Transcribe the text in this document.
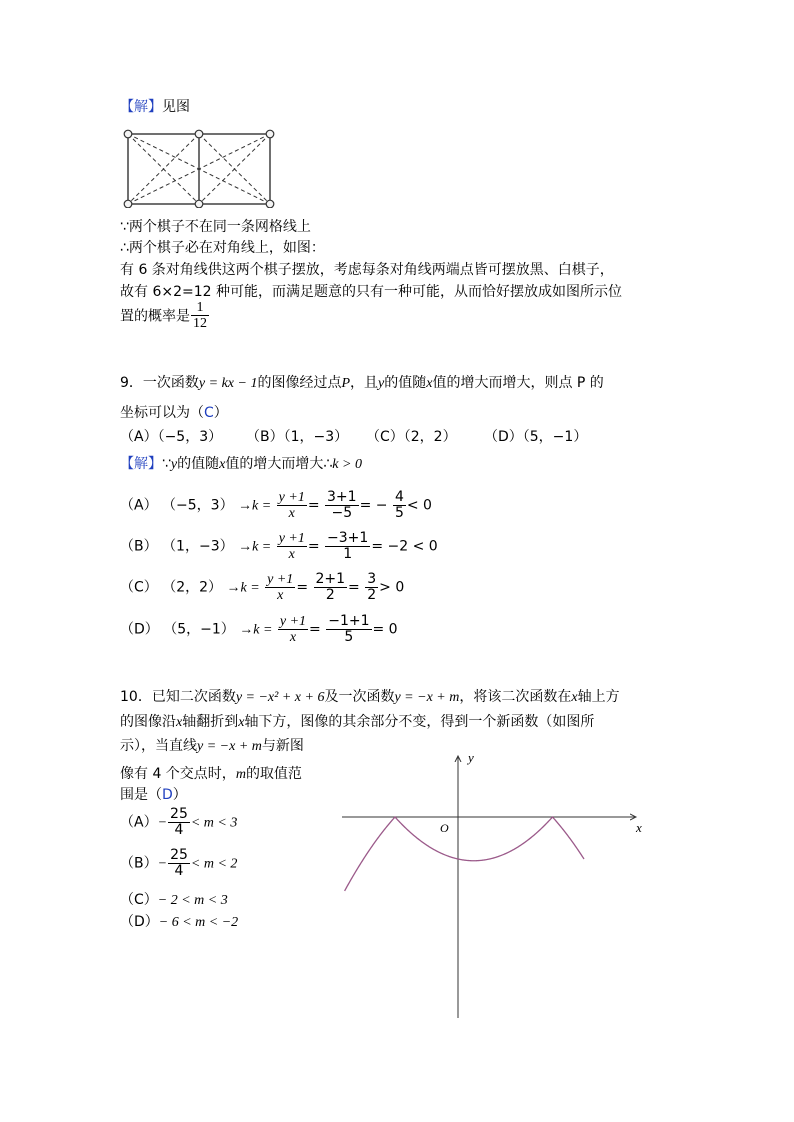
【解】见图
∵两个棋子不在同一条网格线上
∴两个棋子必在对角线上，如图：
有 6 条对角线供这两个棋子摆放，考虑每条对角线两端点皆可摆放黑、白棋子，
故有 6×2=12 种可能，而满足题意的只有一种可能，从而恰好摆放成如图所示位
置的概率是 $\frac{1}{12}$
9．一次函数y = kx − 1的图像经过点P，且y的值随x值的增大而增大，则点 P 的
坐标可以为（C）
（A）（−5，3） （B）（1，−3） （C）（2，2） （D）（5，−1）
【解】∵y的值随x值的增大而增大∴k > 0
（A） （−5，$3) \to k = \frac{y +1}{x} = \frac{3+1}{-5}$ = − $\frac{4}{5} < 0$
（B） （1，$-3) \to k = \frac{y +1}{x} = \frac{-3+1}{1} = -2 < 0$
（C） （2，$2) \to k = \frac{y +1}{x} = \frac{2+1}{2} = \frac{3}{2} > 0$
（D） （5，$-1) \to k = \frac{y +1}{x} = \frac{-1+1}{5} = 0$
10．已知二次函数y = −x² + x + 6及一次函数y = −x + m，将该二次函数在x轴上方
的图像沿x轴翻折到x轴下方，图像的其余部分不变，得到一个新函数（如图所
示），当直线y = −x + m与新图
像有 4 个交点时，m的取值范
围是（D）
$(A)- \frac{25}{4} < m < 3$
$(B)- \frac{25}{4} < m < 2$
（C）− 2 < m < 3
（D）− 6 < m < −2
y
x
O
